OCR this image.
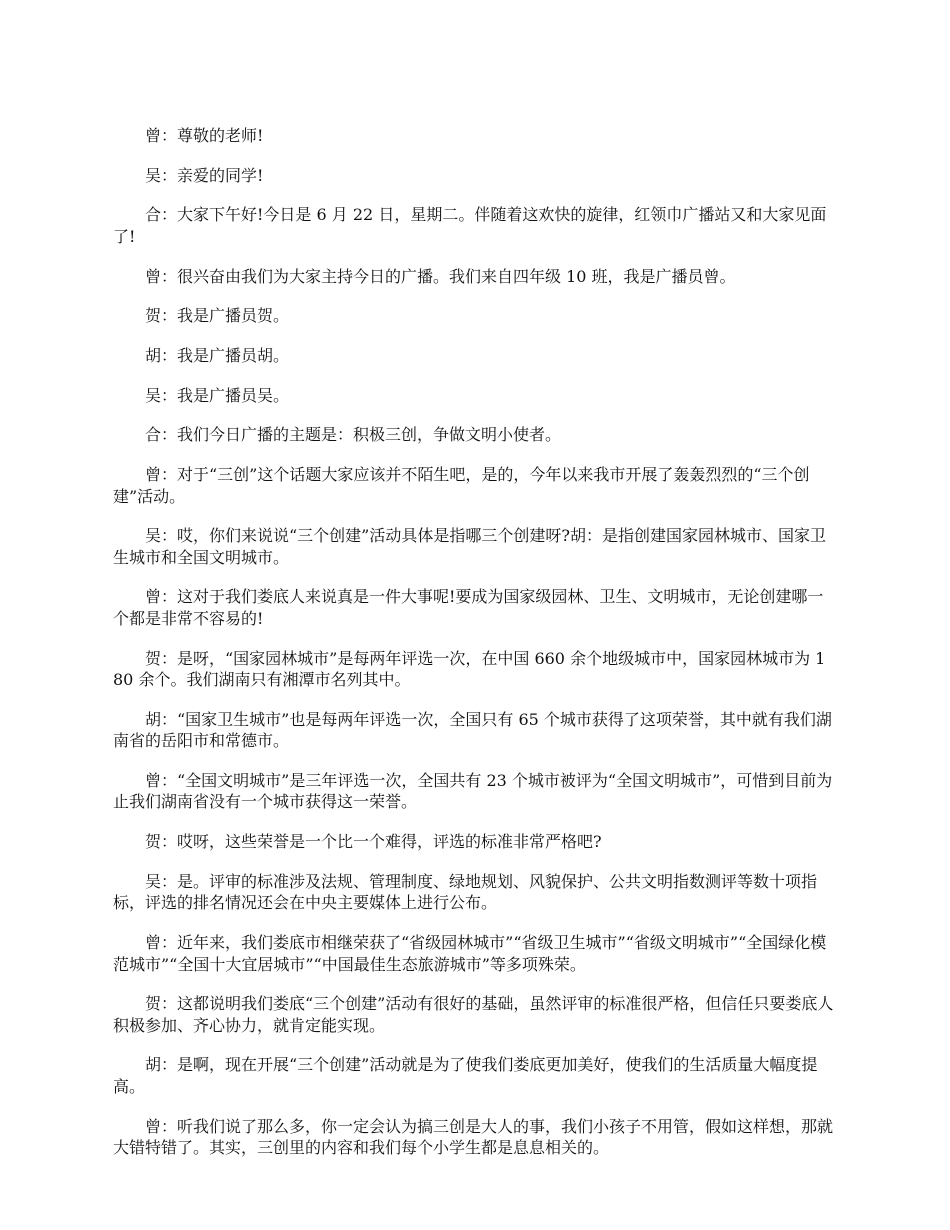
曾：尊敬的老师!

吴：亲爱的同学!

合：大家下午好!今日是 6 月 22 日，星期二。伴随着这欢快的旋律，红领巾广播站又和大家见面了!

曾：很兴奋由我们为大家主持今日的广播。我们来自四年级 10 班，我是广播员曾。

贺：我是广播员贺。

胡：我是广播员胡。

吴：我是广播员吴。

合：我们今日广播的主题是：积极三创，争做文明小使者。

曾：对于“三创”这个话题大家应该并不陌生吧，是的，今年以来我市开展了轰轰烈烈的“三个创建”活动。

吴：哎，你们来说说“三个创建”活动具体是指哪三个创建呀?胡：是指创建国家园林城市、国家卫生城市和全国文明城市。

曾：这对于我们娄底人来说真是一件大事呢!要成为国家级园林、卫生、文明城市，无论创建哪一个都是非常不容易的!

贺：是呀，“国家园林城市”是每两年评选一次，在中国 660 余个地级城市中，国家园林城市为 180 余个。我们湖南只有湘潭市名列其中。

胡：“国家卫生城市”也是每两年评选一次，全国只有 65 个城市获得了这项荣誉，其中就有我们湖南省的岳阳市和常德市。

曾：“全国文明城市”是三年评选一次，全国共有 23 个城市被评为“全国文明城市”，可惜到目前为止我们湖南省没有一个城市获得这一荣誉。

贺：哎呀，这些荣誉是一个比一个难得，评选的标准非常严格吧?

吴：是。评审的标准涉及法规、管理制度、绿地规划、风貌保护、公共文明指数测评等数十项指标，评选的排名情况还会在中央主要媒体上进行公布。

曾：近年来，我们娄底市相继荣获了“省级园林城市”“省级卫生城市”“省级文明城市”“全国绿化模范城市”“全国十大宜居城市”“中国最佳生态旅游城市”等多项殊荣。

贺：这都说明我们娄底“三个创建”活动有很好的基础，虽然评审的标准很严格，但信任只要娄底人积极参加、齐心协力，就肯定能实现。

胡：是啊，现在开展“三个创建”活动就是为了使我们娄底更加美好，使我们的生活质量大幅度提高。

曾：听我们说了那么多，你一定会认为搞三创是大人的事，我们小孩子不用管，假如这样想，那就大错特错了。其实，三创里的内容和我们每个小学生都是息息相关的。
